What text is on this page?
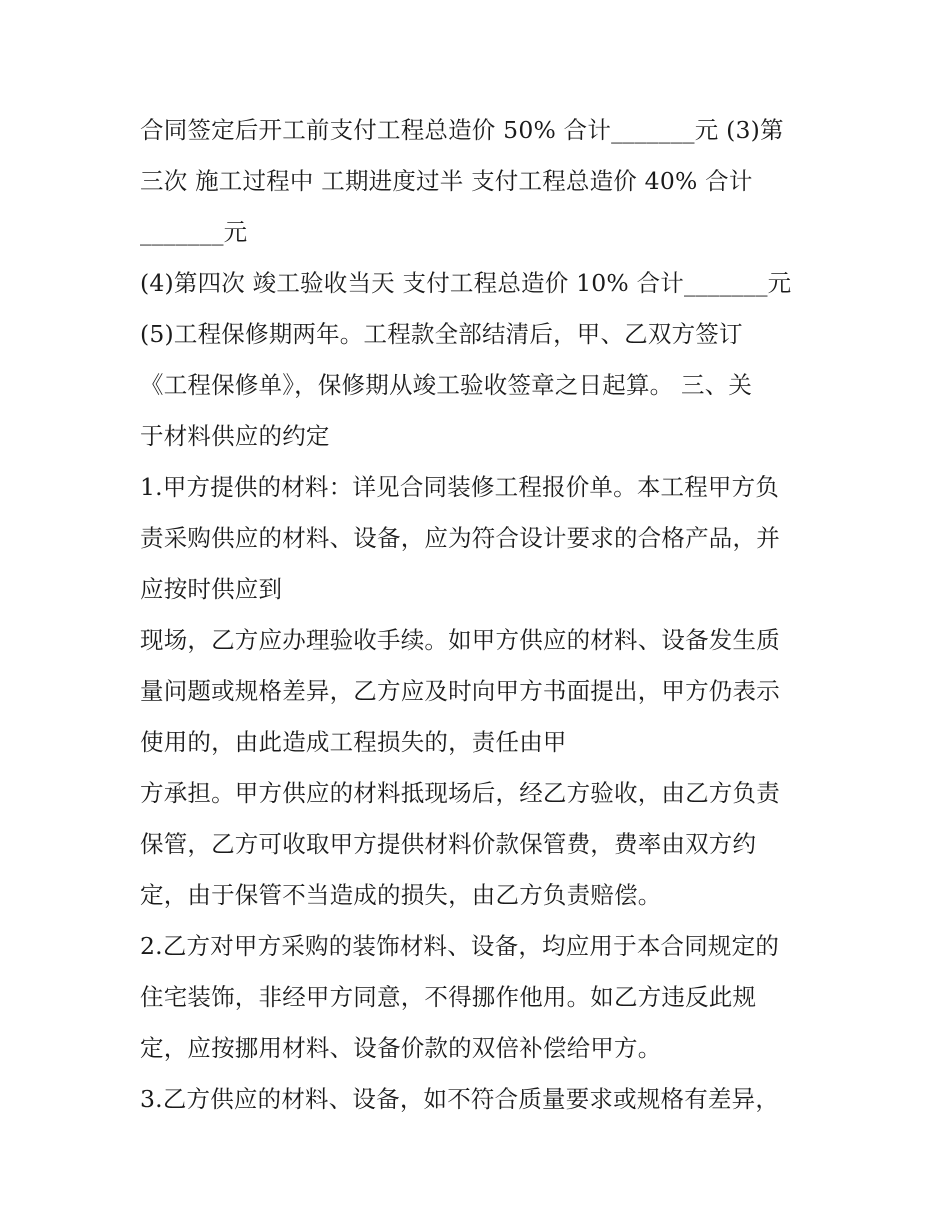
合同签定后开工前支付工程总造价 50% 合计_______元 (3)第
三次 施工过程中 工期进度过半 支付工程总造价 40% 合计
_______元
(4)第四次 竣工验收当天 支付工程总造价 10% 合计_______元
(5)工程保修期两年。工程款全部结清后，甲、乙双方签订
《工程保修单》，保修期从竣工验收签章之日起算。 三、关
于材料供应的约定
1.甲方提供的材料：详见合同装修工程报价单。本工程甲方负
责采购供应的材料、设备，应为符合设计要求的合格产品，并
应按时供应到
现场，乙方应办理验收手续。如甲方供应的材料、设备发生质
量问题或规格差异，乙方应及时向甲方书面提出，甲方仍表示
使用的，由此造成工程损失的，责任由甲
方承担。甲方供应的材料抵现场后，经乙方验收，由乙方负责
保管，乙方可收取甲方提供材料价款保管费，费率由双方约
定，由于保管不当造成的损失，由乙方负责赔偿。
2.乙方对甲方采购的装饰材料、设备，均应用于本合同规定的
住宅装饰，非经甲方同意，不得挪作他用。如乙方违反此规
定，应按挪用材料、设备价款的双倍补偿给甲方。
3.乙方供应的材料、设备，如不符合质量要求或规格有差异，
